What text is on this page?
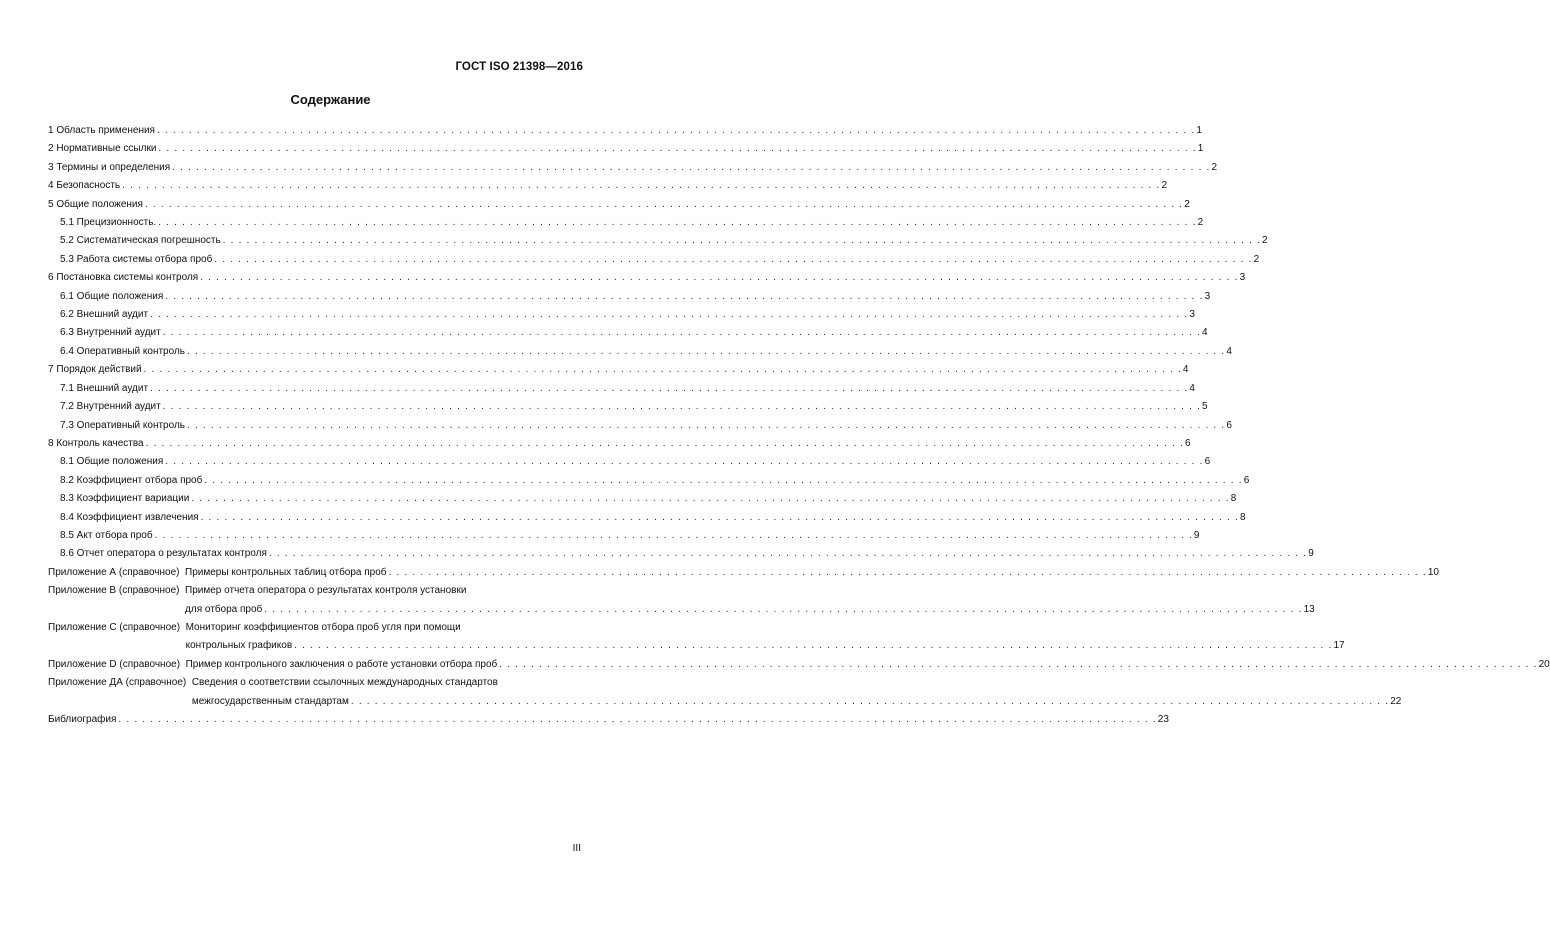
ГОСТ ISO 21398—2016
Содержание
1 Область применения . . .	1
2 Нормативные ссылки . . .	1
3 Термины и определения . . .	2
4 Безопасность . . .	2
5 Общие положения . . .	2
5.1 Прецизионность. . . .	2
5.2 Систематическая погрешность . . .	2
5.3 Работа системы отбора проб . . .	2
6 Постановка системы контроля . . .	3
6.1 Общие положения . . .	3
6.2 Внешний аудит . . .	3
6.3 Внутренний аудит . . .	4
6.4 Оперативный контроль . . .	4
7 Порядок действий . . .	4
7.1 Внешний аудит . . .	4
7.2 Внутренний аудит . . .	5
7.3 Оперативный контроль . . .	6
8 Контроль качества . . .	6
8.1 Общие положения . . .	6
8.2 Коэффициент отбора проб . . .	6
8.3 Коэффициент вариации . . .	8
8.4 Коэффициент извлечения . . .	8
8.5 Акт отбора проб . . .	9
8.6 Отчет оператора о результатах контроля . . .	9
Приложение А (справочное) Примеры контрольных таблиц отбора проб . . .	10
Приложение В (справочное) Пример отчета оператора о результатах контроля установки
для отбора проб . . .	13
Приложение С (справочное) Мониторинг коэффициентов отбора проб угля при помощи
контрольных графиков . . .	17
Приложение D (справочное) Пример контрольного заключения о работе установки отбора проб . . .	20
Приложение ДА (справочное) Сведения о соответствии ссылочных международных стандартов
межгосударственным стандартам . . .	22
Библиография . . .	23
III
